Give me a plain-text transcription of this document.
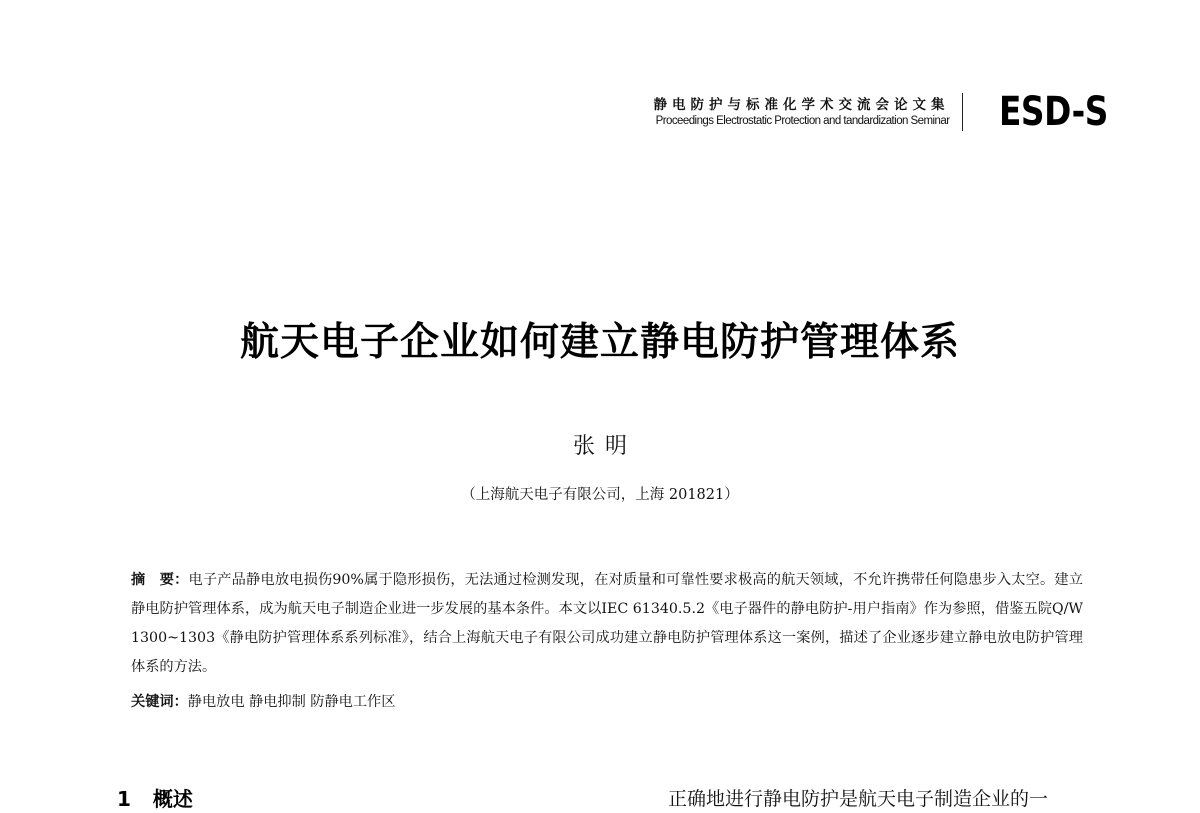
静电防护与标准化学术交流会论文集
Proceedings Electrostatic Protection and tandardization Seminar ESD-S
航天电子企业如何建立静电防护管理体系
张明
（上海航天电子有限公司，上海 201821）
摘　要：电子产品静电放电损伤90%属于隐形损伤，无法通过检测发现，在对质量和可靠性要求极高的航天领域，不允许携带任何隐患步入太空。建立静电防护管理体系，成为航天电子制造企业进一步发展的基本条件。本文以IEC 61340.5.2《电子器件的静电防护-用户指南》作为参照，借鉴五院Q/W 1300~1303《静电防护管理体系系列标准》，结合上海航天电子有限公司成功建立静电防护管理体系这一案例，描述了企业逐步建立静电放电防护管理体系的方法。
关键词：静电放电 静电抑制 防静电工作区
1 概述	正确地进行静电防护是航天电子制造企业的一
